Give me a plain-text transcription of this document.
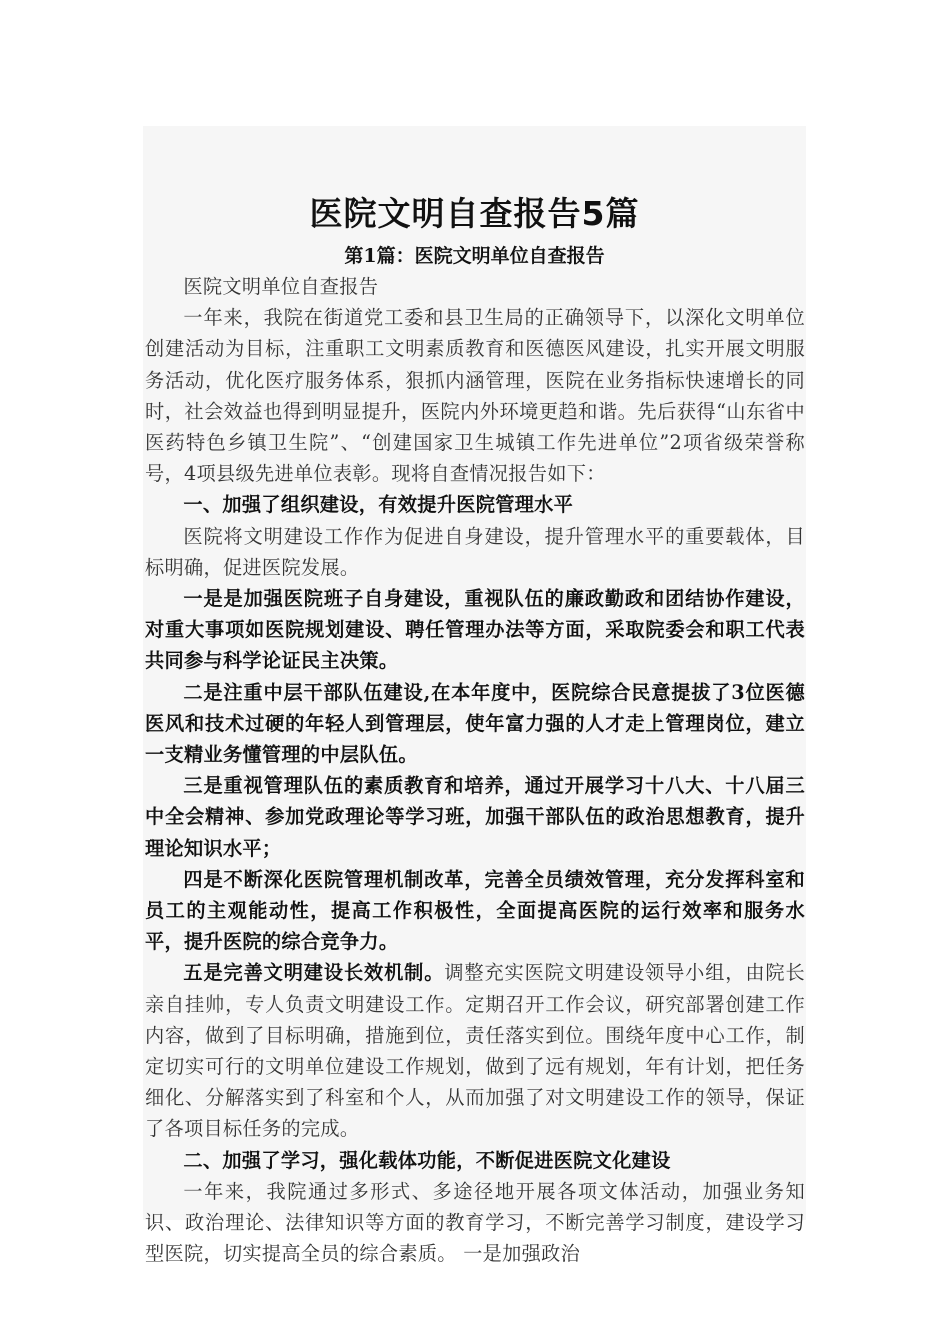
医院文明自查报告5篇
第1篇：医院文明单位自查报告

医院文明单位自查报告

一年来，我院在街道党工委和县卫生局的正确领导下，以深化文明单位创建活动为目标，注重职工文明素质教育和医德医风建设，扎实开展文明服务活动，优化医疗服务体系，狠抓内涵管理，医院在业务指标快速增长的同时，社会效益也得到明显提升，医院内外环境更趋和谐。先后获得“山东省中医药特色乡镇卫生院”、“创建国家卫生城镇工作先进单位”2项省级荣誉称号，4项县级先进单位表彰。现将自查情况报告如下：

一、加强了组织建设，有效提升医院管理水平

医院将文明建设工作作为促进自身建设，提升管理水平的重要载体，目标明确，促进医院发展。

一是是加强医院班子自身建设，重视队伍的廉政勤政和团结协作建设，对重大事项如医院规划建设、聘任管理办法等方面，采取院委会和职工代表共同参与科学论证民主决策。

二是注重中层干部队伍建设,在本年度中，医院综合民意提拔了3位医德医风和技术过硬的年轻人到管理层，使年富力强的人才走上管理岗位，建立一支精业务懂管理的中层队伍。

三是重视管理队伍的素质教育和培养，通过开展学习十八大、十八届三中全会精神、参加党政理论等学习班，加强干部队伍的政治思想教育，提升理论知识水平；

四是不断深化医院管理机制改革，完善全员绩效管理，充分发挥科室和员工的主观能动性，提高工作积极性，全面提高医院的运行效率和服务水平，提升医院的综合竞争力。

五是完善文明建设长效机制。调整充实医院文明建设领导小组，由院长亲自挂帅，专人负责文明建设工作。定期召开工作会议，研究部署创建工作内容，做到了目标明确，措施到位，责任落实到位。围绕年度中心工作，制定切实可行的文明单位建设工作规划，做到了远有规划，年有计划，把任务细化、分解落实到了科室和个人，从而加强了对文明建设工作的领导，保证了各项目标任务的完成。

二、加强了学习，强化载体功能，不断促进医院文化建设

一年来，我院通过多形式、多途径地开展各项文体活动，加强业务知识、政治理论、法律知识等方面的教育学习，不断完善学习制度，建设学习型医院，切实提高全员的综合素质。 一是加强政治
